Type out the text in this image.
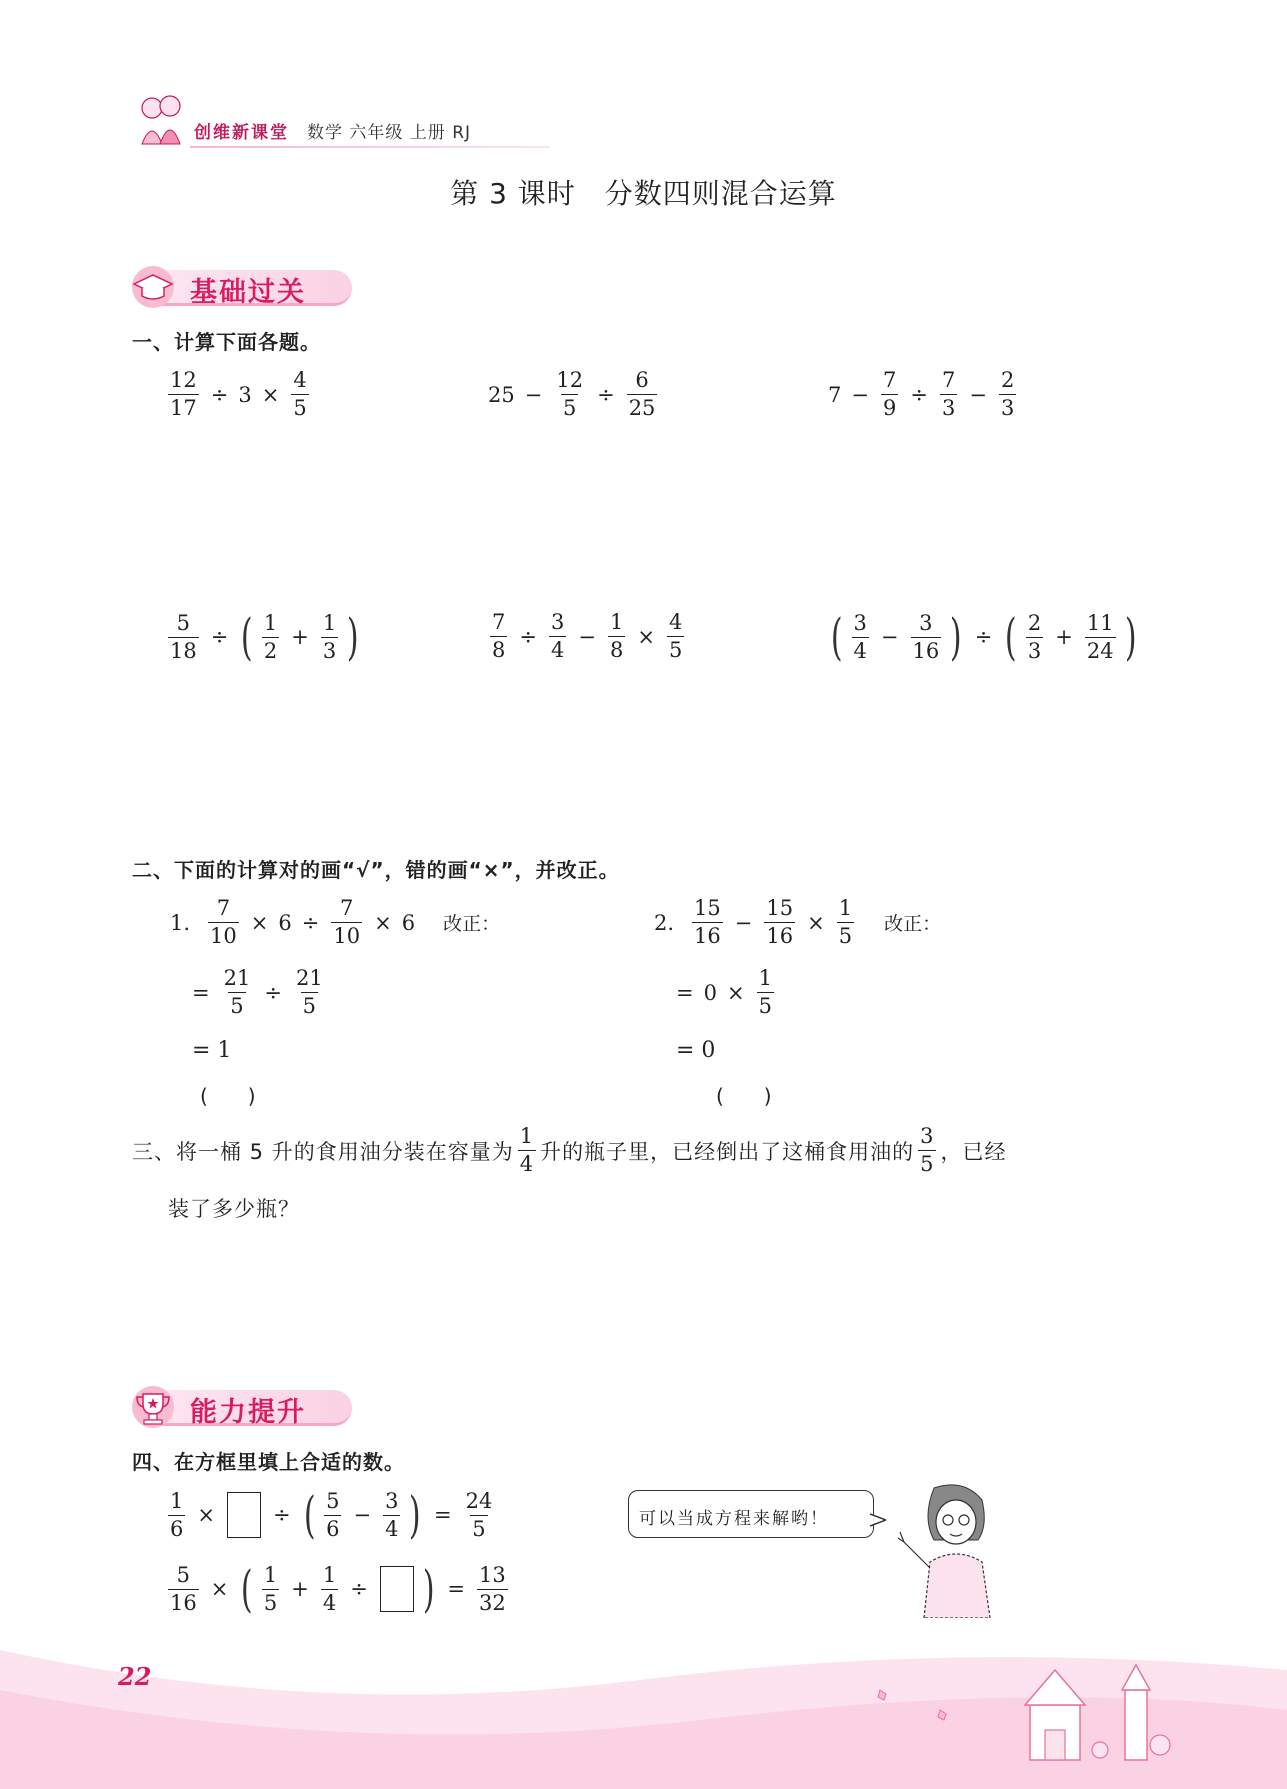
创维新课堂 数学 六年级 上册 RJ
第 3 课时　分数四则混合运算
基础过关
一、计算下面各题。
$\frac{12}{17} \div 3 \times \frac{4}{5}$	$25 - \frac{12}{5} \div \frac{6}{25}$	$7 - \frac{7}{9} \div \frac{7}{3} - \frac{2}{3}$
$\frac{5}{18}$ ÷ ( $\frac{1}{2} + \frac{1}{3}$ )	$\frac{7}{8} \div \frac{3}{4} - \frac{1}{8} \times \frac{4}{5}$	( $\frac{3}{4} - \frac{3}{16}$ ) ÷ ( $\frac{2}{3} + \frac{11}{24}$ )
二、下面的计算对的画“√”，错的画“×”，并改正。
1. $\frac{7}{10} \times 6 \div \frac{7}{10} \times 6$ 改正：
= $\frac{21}{5} \div \frac{21}{5}$
= 1
(　　)
2. $\frac{15}{16} - \frac{15}{16} \times \frac{1}{5}$ 改正：
= $0 \times \frac{1}{5}$
= 0
(　　)
三、将一桶 5 升的食用油分装在容量为 $\frac{1}{4}$ 升的瓶子里，已经倒出了这桶食用油的 $\frac{3}{5}$ ，已经
装了多少瓶？
能力提升
四、在方框里填上合适的数。
$\frac{1}{6}$ ×	÷ ( $\frac{5}{6} - \frac{3}{4}$ ) = $\frac{24}{5}$
$\frac{5}{16}$ × ( $\frac{1}{5} + \frac{1}{4}$ ÷ ) = $\frac{13}{32}$
可以当成方程来解哟！
22
